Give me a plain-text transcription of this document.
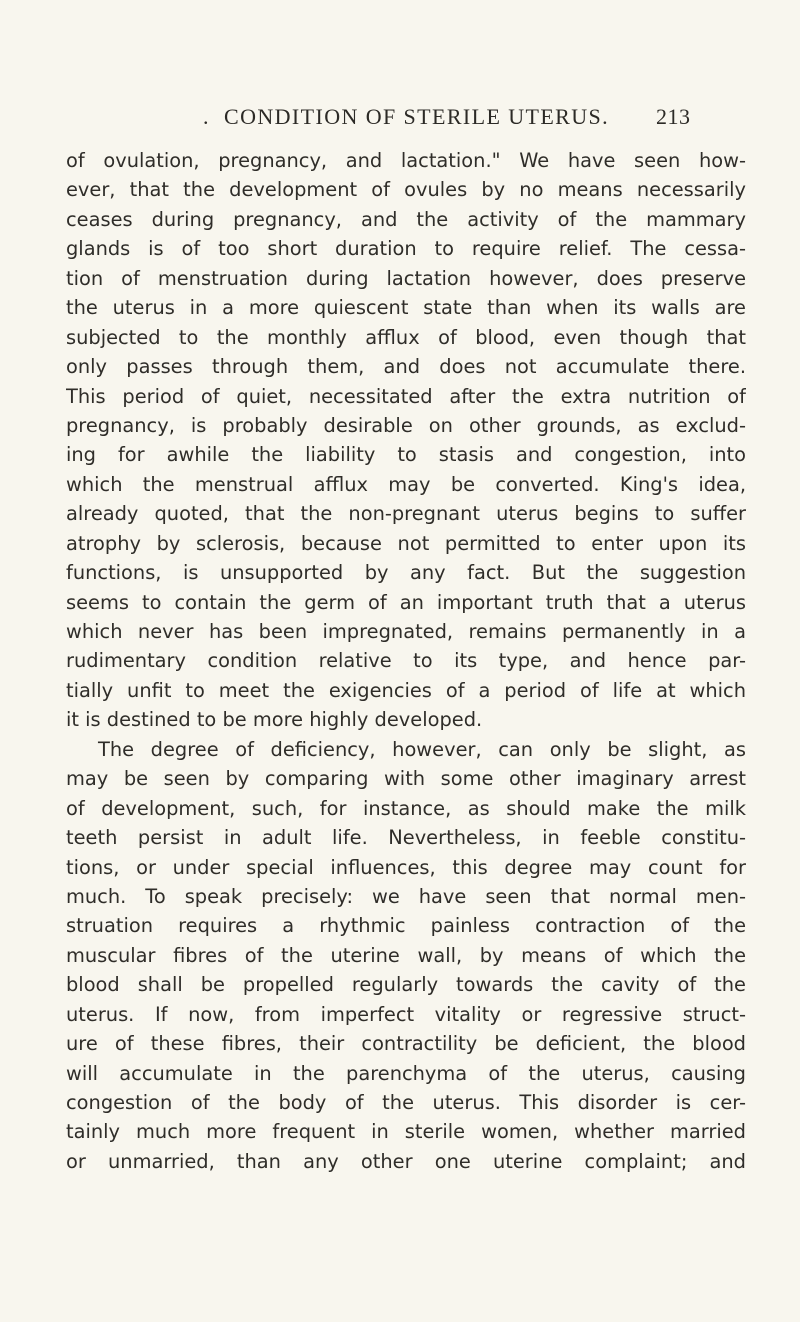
. CONDITION OF STERILE UTERUS. 213
of ovulation, pregnancy, and lactation." We have seen how-
ever, that the development of ovules by no means necessarily
ceases during pregnancy, and the activity of the mammary
glands is of too short duration to require relief. The cessa-
tion of menstruation during lactation however, does preserve
the uterus in a more quiescent state than when its walls are
subjected to the monthly afflux of blood, even though that
only passes through them, and does not accumulate there.
This period of quiet, necessitated after the extra nutrition of
pregnancy, is probably desirable on other grounds, as exclud-
ing for awhile the liability to stasis and congestion, into
which the menstrual afflux may be converted. King's idea,
already quoted, that the non-pregnant uterus begins to suffer
atrophy by sclerosis, because not permitted to enter upon its
functions, is unsupported by any fact. But the suggestion
seems to contain the germ of an important truth that a uterus
which never has been impregnated, remains permanently in a
rudimentary condition relative to its type, and hence par-
tially unfit to meet the exigencies of a period of life at which
it is destined to be more highly developed.
The degree of deficiency, however, can only be slight, as
may be seen by comparing with some other imaginary arrest
of development, such, for instance, as should make the milk
teeth persist in adult life. Nevertheless, in feeble constitu-
tions, or under special influences, this degree may count for
much. To speak precisely: we have seen that normal men-
struation requires a rhythmic painless contraction of the
muscular fibres of the uterine wall, by means of which the
blood shall be propelled regularly towards the cavity of the
uterus. If now, from imperfect vitality or regressive struct-
ure of these fibres, their contractility be deficient, the blood
will accumulate in the parenchyma of the uterus, causing
congestion of the body of the uterus. This disorder is cer-
tainly much more frequent in sterile women, whether married
or unmarried, than any other one uterine complaint; and
